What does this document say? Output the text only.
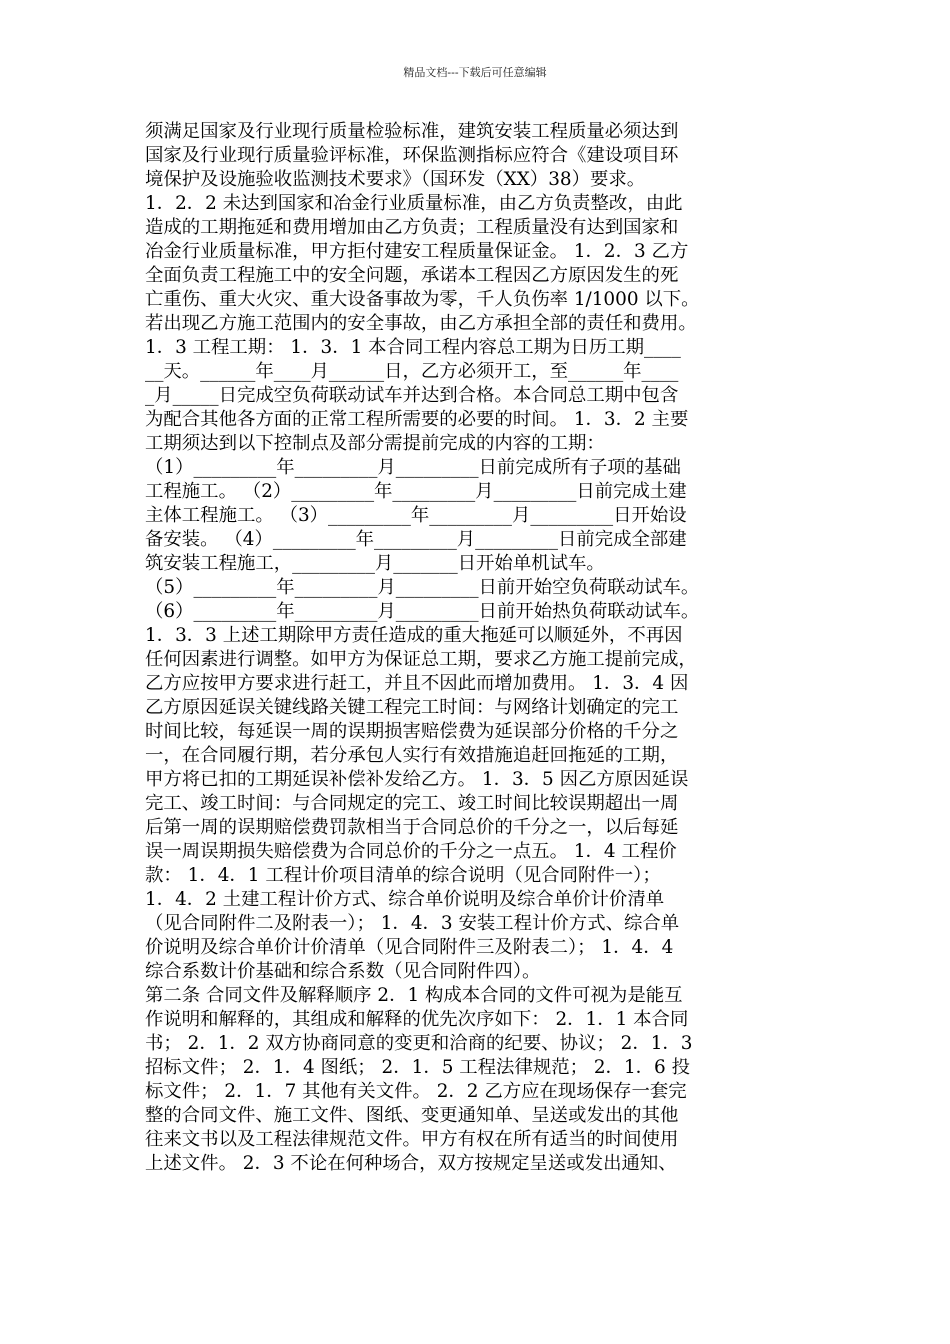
精品文档---下载后可任意编辑
须满足国家及行业现行质量检验标准，建筑安装工程质量必须达到
国家及行业现行质量验评标准，环保监测指标应符合《建设项目环
境保护及设施验收监测技术要求》（国环发（XX）38）要求。
1．2．2 未达到国家和冶金行业质量标准，由乙方负责整改，由此
造成的工期拖延和费用增加由乙方负责；工程质量没有达到国家和
冶金行业质量标准，甲方拒付建安工程质量保证金。 1．2．3 乙方
全面负责工程施工中的安全问题，承诺本工程因乙方原因发生的死
亡重伤、重大火灾、重大设备事故为零，千人负伤率 1/1000 以下。
若出现乙方施工范围内的安全事故，由乙方承担全部的责任和费用。
1．3 工程工期： 1．3．1 本合同工程内容总工期为日历工期____
__天。______年____月______日，乙方必须开工，至______年____
_月_____日完成空负荷联动试车并达到合格。本合同总工期中包含
为配合其他各方面的正常工程所需要的必要的时间。 1．3．2 主要
工期须达到以下控制点及部分需提前完成的内容的工期：
（1）_________年_________月_________日前完成所有子项的基础
工程施工。 （2）_________年_________月_________日前完成土建
主体工程施工。 （3）_________年_________月_________日开始设
备安装。 （4）_________年_________月_________日前完成全部建
筑安装工程施工，_________月_______日开始单机试车。
（5）_________年_________月_________日前开始空负荷联动试车。
（6）_________年_________月_________日前开始热负荷联动试车。
1．3．3 上述工期除甲方责任造成的重大拖延可以顺延外，不再因
任何因素进行调整。如甲方为保证总工期，要求乙方施工提前完成，
乙方应按甲方要求进行赶工，并且不因此而增加费用。 1．3．4 因
乙方原因延误关键线路关键工程完工时间：与网络计划确定的完工
时间比较，每延误一周的误期损害赔偿费为延误部分价格的千分之
一，在合同履行期，若分承包人实行有效措施追赶回拖延的工期，
甲方将已扣的工期延误补偿补发给乙方。 1．3．5 因乙方原因延误
完工、竣工时间：与合同规定的完工、竣工时间比较误期超出一周
后第一周的误期赔偿费罚款相当于合同总价的千分之一，以后每延
误一周误期损失赔偿费为合同总价的千分之一点五。 1．4 工程价
款： 1．4．1 工程计价项目清单的综合说明（见合同附件一）；
1．4．2 土建工程计价方式、综合单价说明及综合单价计价清单
（见合同附件二及附表一）； 1．4．3 安装工程计价方式、综合单
价说明及综合单价计价清单（见合同附件三及附表二）； 1．4．4
综合系数计价基础和综合系数（见合同附件四）。
第二条 合同文件及解释顺序 2．1 构成本合同的文件可视为是能互
作说明和解释的，其组成和解释的优先次序如下： 2．1．1 本合同
书； 2．1．2 双方协商同意的变更和洽商的纪要、协议； 2．1．3
招标文件； 2．1．4 图纸； 2．1．5 工程法律规范； 2．1．6 投
标文件； 2．1．7 其他有关文件。 2．2 乙方应在现场保存一套完
整的合同文件、施工文件、图纸、变更通知单、呈送或发出的其他
往来文书以及工程法律规范文件。甲方有权在所有适当的时间使用
上述文件。 2．3 不论在何种场合，双方按规定呈送或发出通知、
